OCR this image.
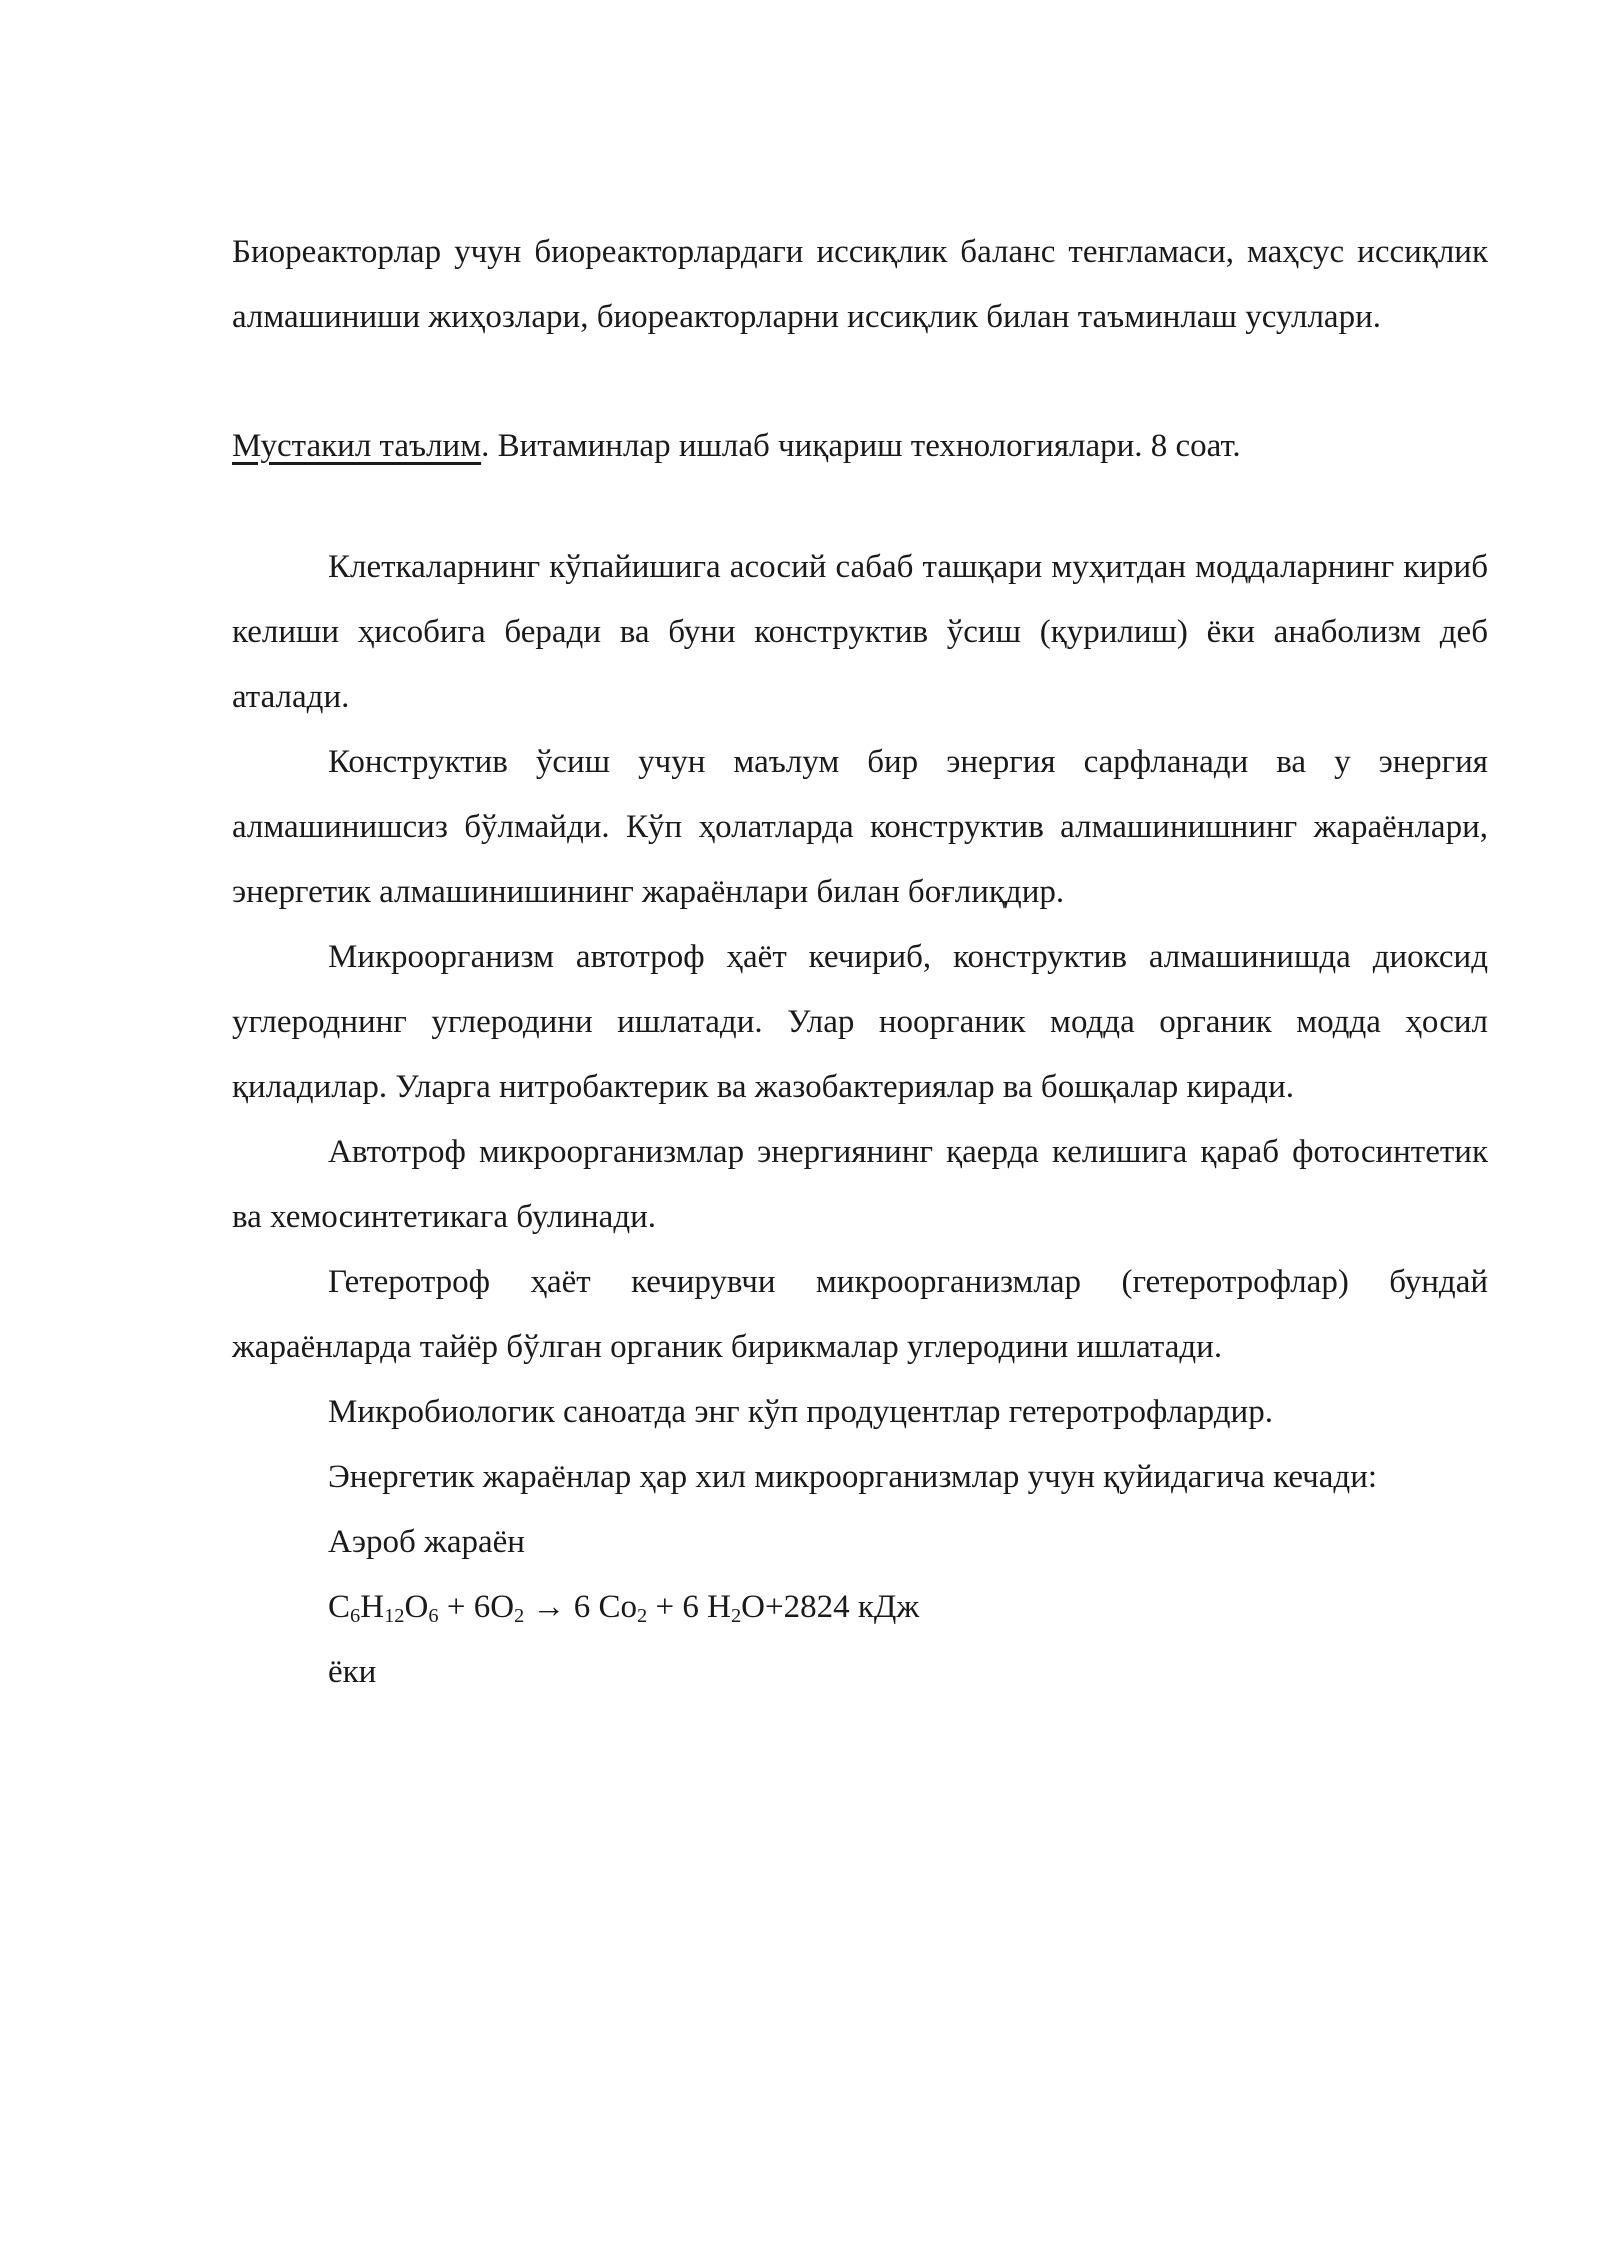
Биореакторлар учун биореакторлардаги иссиқлик баланс тенгламаси, маҳсус иссиқлик алмашиниши жиҳозлари, биореакторларни иссиқлик билан таъминлаш усуллари.

Мустакил таълим. Витаминлар ишлаб чиқариш технологиялари. 8 соат.

Клеткаларнинг кўпайишига асосий сабаб ташқари муҳитдан моддаларнинг кириб келиши ҳисобига беради ва буни конструктив ўсиш (қурилиш) ёки анаболизм деб аталади.

Конструктив ўсиш учун маълум бир энергия сарфланади ва у энергия алмашинишсиз бўлмайди. Кўп ҳолатларда конструктив алмашинишнинг жараёнлари, энергетик алмашинишининг жараёнлари билан боғлиқдир.

Микроорганизм автотроф ҳаёт кечириб, конструктив алмашинишда диоксид углероднинг углеродини ишлатади. Улар ноорганик модда органик модда ҳосил қиладилар. Уларга нитробактерик ва жазобактериялар ва бошқалар киради.

Автотроф микроорганизмлар энергиянинг қаерда келишига қараб фотосинтетик ва хемосинтетикага булинади.

Гетеротроф ҳаёт кечирувчи микроорганизмлар (гетеротрофлар) бундай жараёнларда тайёр бўлган органик бирикмалар углеродини ишлатади.

Микробиологик саноатда энг кўп продуцентлар гетеротрофлардир.

Энергетик жараёнлар ҳар хил микроорганизмлар учун қуйидагича кечади:

Аэроб жараён

$C_6H_{12}O_6 + 6O_2 \to 6$ $Co_2 + 6$ $H_2O+2824$ кДж

ёки
